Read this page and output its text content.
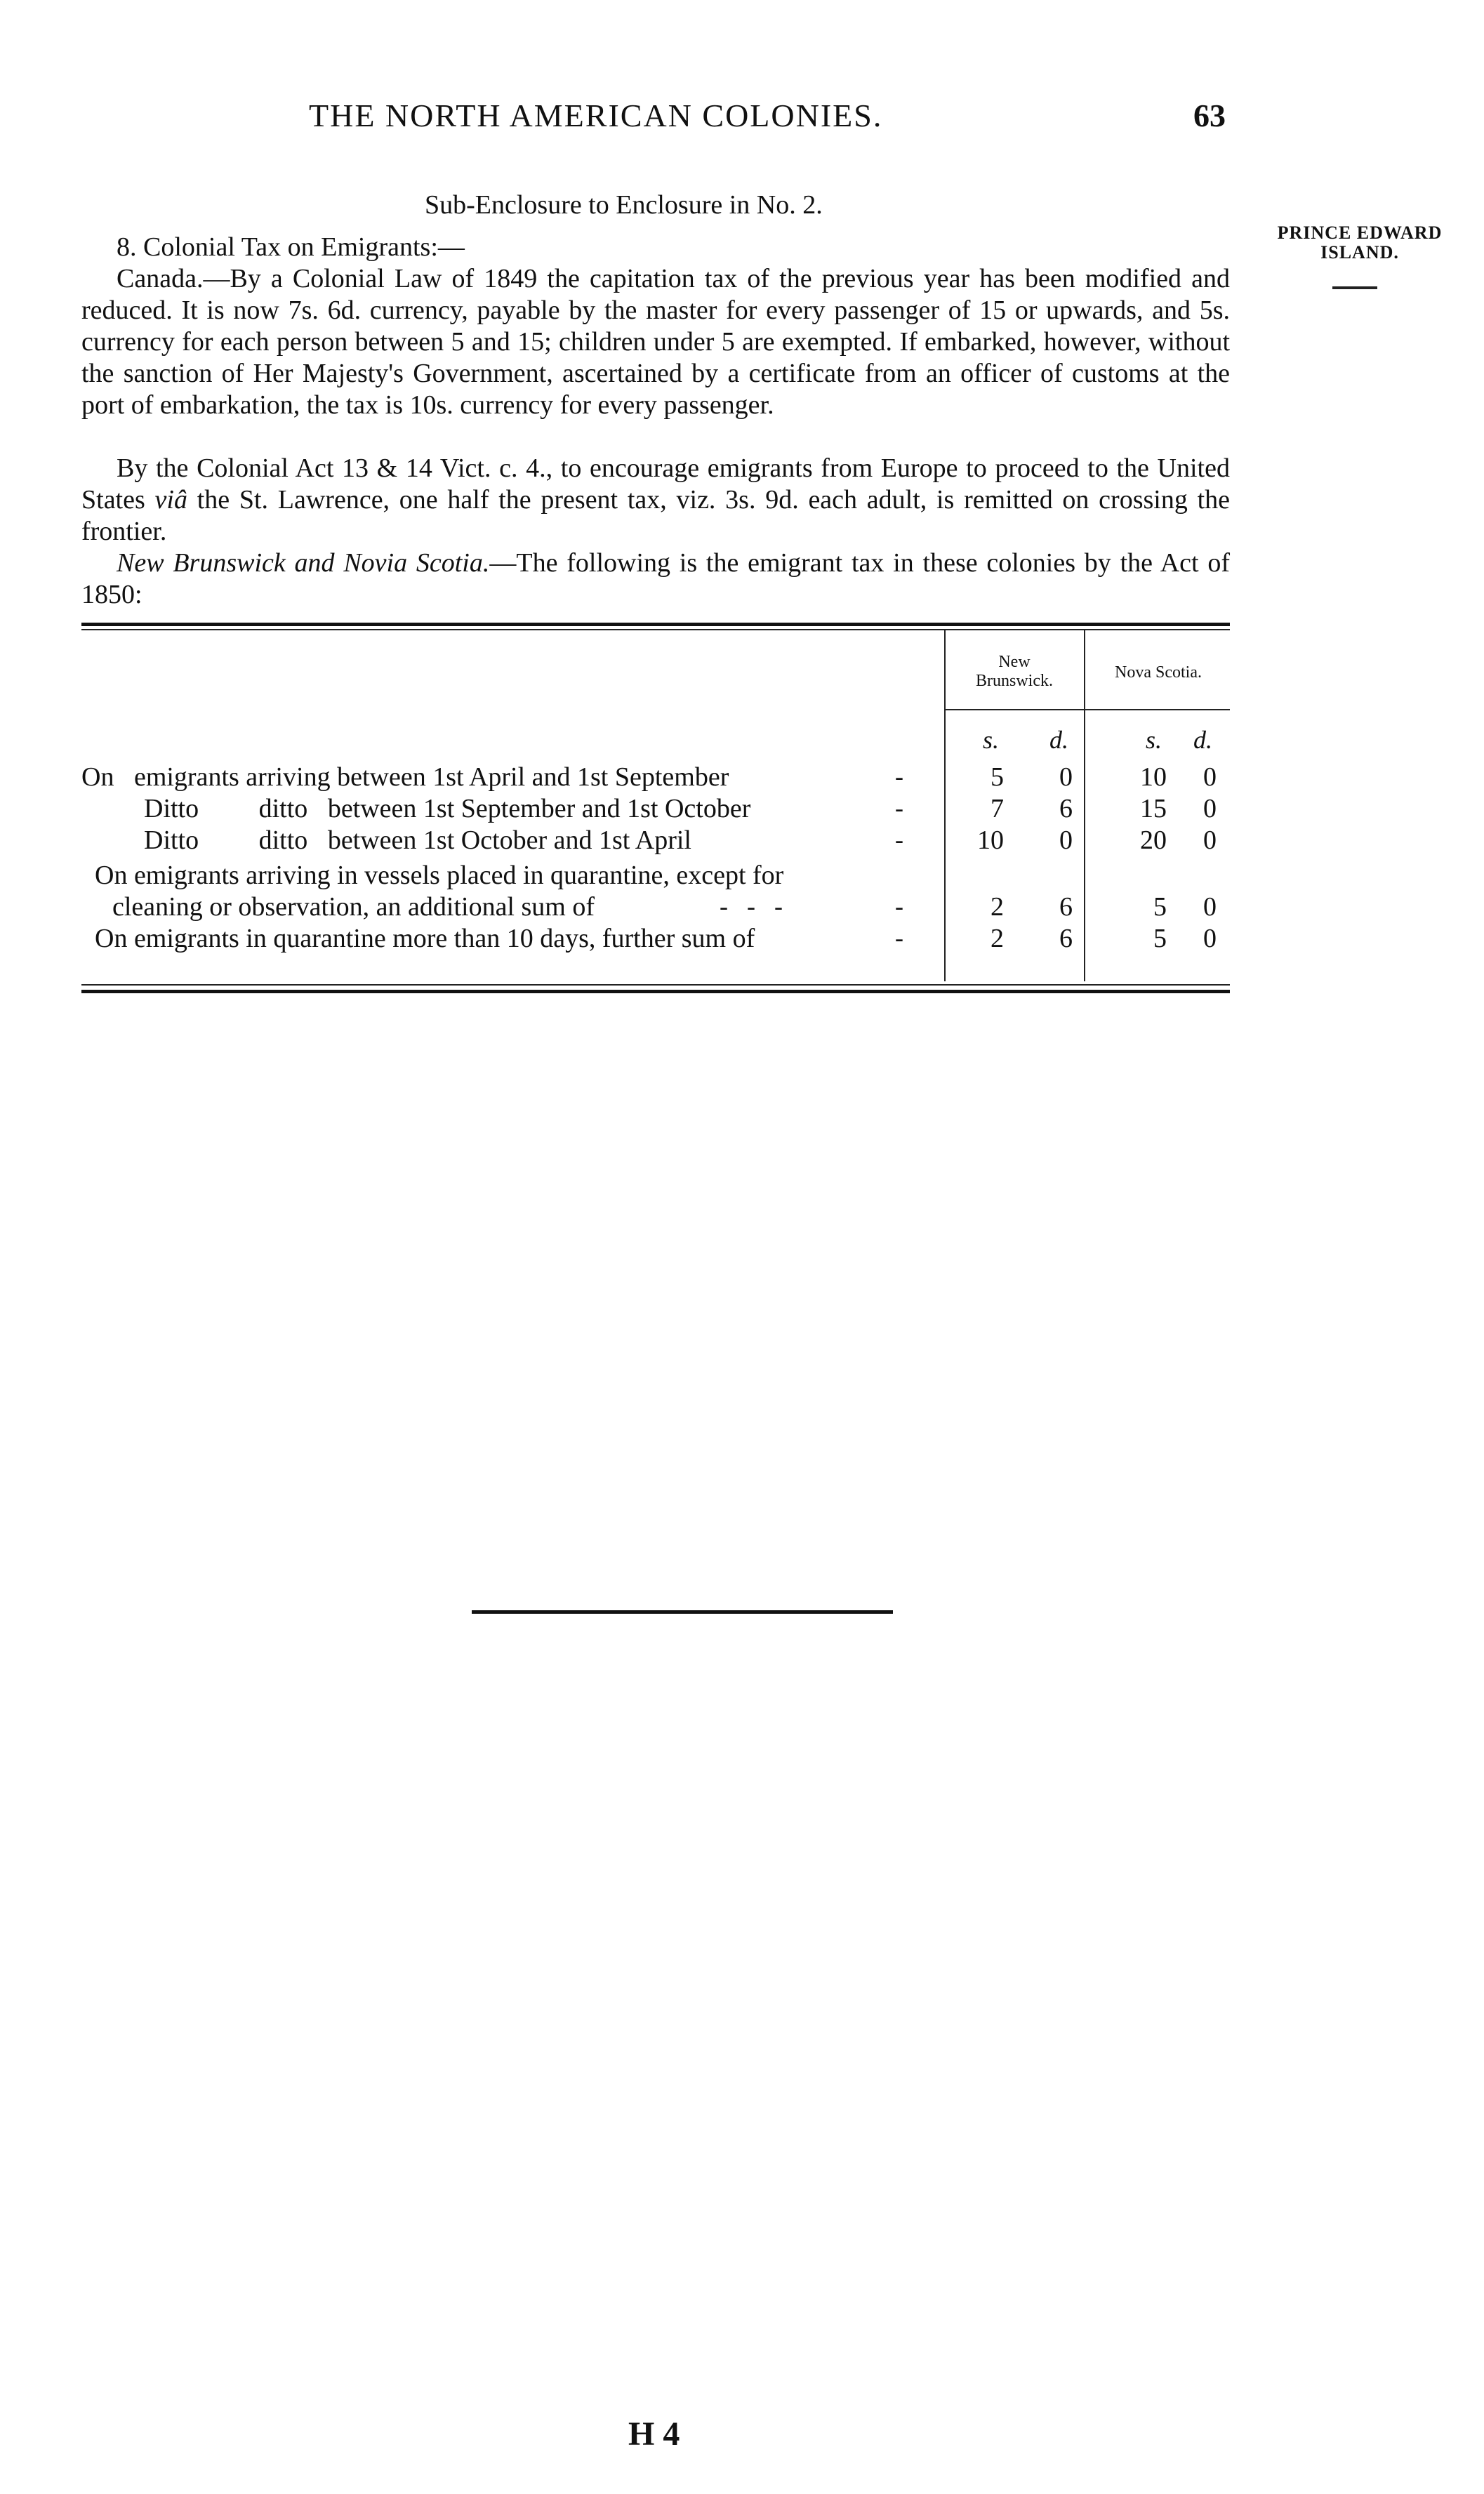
THE NORTH AMERICAN COLONIES.	63
PRINCE EDWARD ISLAND.
Sub-Enclosure to Enclosure in No. 2.
8. Colonial Tax on Emigrants:—
Canada.—By a Colonial Law of 1849 the capitation tax of the previous year has been modified and reduced. It is now 7s. 6d. currency, payable by the master for every passenger of 15 or upwards, and 5s. currency for each person between 5 and 15; children under 5 are exempted. If embarked, however, without the sanction of Her Majesty's Government, ascertained by a certificate from an officer of customs at the port of embarkation, the tax is 10s. currency for every passenger.
By the Colonial Act 13 & 14 Vict. c. 4., to encourage emigrants from Europe to proceed to the United States viâ the St. Lawrence, one half the present tax, viz. 3s. 9d. each adult, is remitted on crossing the frontier.
New Brunswick and Novia Scotia.—The following is the emigrant tax in these colonies by the Act of 1850:
New
Brunswick.	Nova Scotia.
s. d.	s. d.
On emigrants arriving between 1st April and 1st September	-	5	0	10	0
Ditto ditto between 1st September and 1st October	-	7	6	15	0
Ditto ditto between 1st October and 1st April	-	10	0	20	0
On emigrants arriving in vessels placed in quarantine, except for
cleaning or observation, an additional sum of	-   -   -	-	2	6	5	0
On emigrants in quarantine more than 10 days, further sum of	-	2	6	5	0
H 4
